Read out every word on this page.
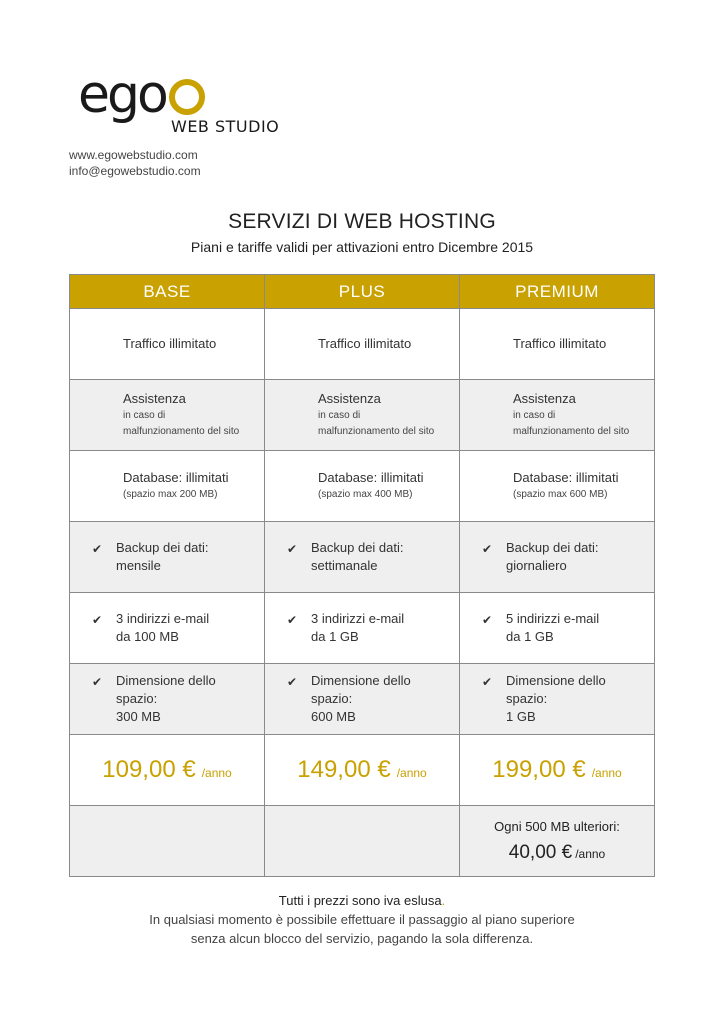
ego
WEB STUDIO
www.egowebstudio.com
info@egowebstudio.com
SERVIZI DI WEB HOSTING
Piani e tariffe validi per attivazioni entro Dicembre 2015
BASE	PLUS	PREMIUM

Traffico illimitato	Traffico illimitato	Traffico illimitato

Assistenza
in caso di
malfunzionamento del sito	Assistenza
in caso di
malfunzionamento del sito	Assistenza
in caso di
malfunzionamento del sito

Database: illimitati
(spazio max 200 MB)	Database: illimitati
(spazio max 400 MB)	Database: illimitati
(spazio max 600 MB)

✔ Backup dei dati:
mensile	✔ Backup dei dati:
settimanale	✔ Backup dei dati:
giornaliero

✔ 3 indirizzi e-mail
da 100 MB	✔ 3 indirizzi e-mail
da 1 GB	✔ 5 indirizzi e-mail
da 1 GB

✔ Dimensione dello
spazio:
300 MB	✔ Dimensione dello
spazio:
600 MB	✔ Dimensione dello
spazio:
1 GB

109,00 € /anno	149,00 € /anno	199,00 € /anno

		Ogni 500 MB ulteriori:
40,00 € /anno
Tutti i prezzi sono iva eslusa.
In qualsiasi momento è possibile effettuare il passaggio al piano superiore
senza alcun blocco del servizio, pagando la sola differenza.
